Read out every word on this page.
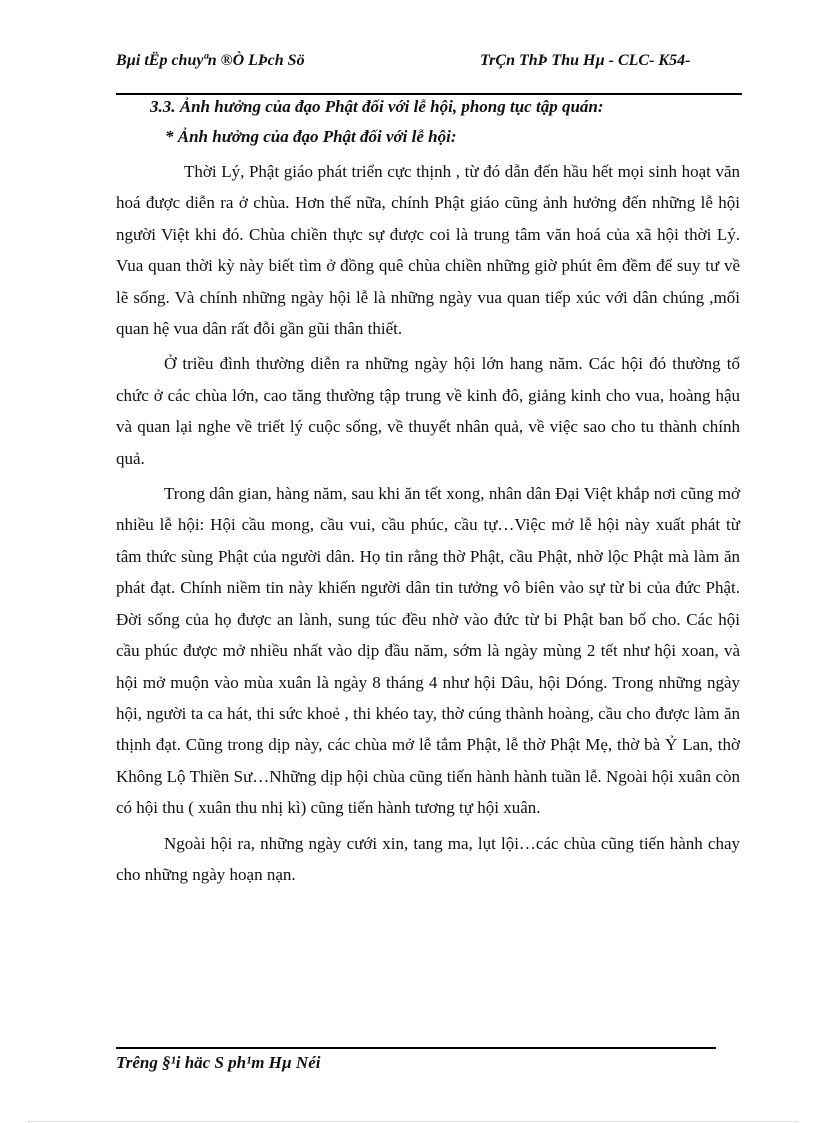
Bµi tËp chuyªn ®Ò LÞch Sö	TrÇn ThÞ Thu Hµ - CLC- K54-
3.3. Ảnh hưởng của đạo Phật đối với lễ hội, phong tục tập quán:
* Ảnh hưởng của đạo Phật đối với lễ hội:

Thời Lý, Phật giáo phát triển cực thịnh , từ đó dẫn đến hầu hết mọi sinh hoạt văn hoá được diễn ra ở chùa. Hơn thế nữa, chính Phật giáo cũng ảnh hưởng đến những lễ hội người Việt khi đó. Chùa chiền thực sự được coi là trung tâm văn hoá của xã hội thời Lý. Vua quan thời kỳ này biết tìm ở đồng quê chùa chiền những giờ phút êm đềm để suy tư về lẽ sống. Và chính những ngày hội lễ là những ngày vua quan tiếp xúc với dân chúng ,mối quan hệ vua dân rất đỗi gần gũi thân thiết.

Ở triều đình thường diễn ra những ngày hội lớn hang năm. Các hội đó thường tổ chức ở các chùa lớn, cao tăng thường tập trung về kinh đô, giảng kinh cho vua, hoàng hậu và quan lại nghe về triết lý cuộc sống, về thuyết nhân quả, về việc sao cho tu thành chính quả.

Trong dân gian, hàng năm, sau khi ăn tết xong, nhân dân Đại Việt khắp nơi cũng mở nhiều lễ hội: Hội cầu mong, cầu vui, cầu phúc, cầu tự…Việc mở lễ hội này xuất phát từ tâm thức sùng Phật của người dân. Họ tin rằng thờ Phật, cầu Phật, nhờ lộc Phật mà làm ăn phát đạt. Chính niềm tin này khiến người dân tin tưởng vô biên vào sự từ bi của đức Phật. Đời sống của họ được an lành, sung túc đều nhờ vào đức từ bi Phật ban bố cho. Các hội cầu phúc được mở nhiều nhất vào dịp đầu năm, sớm là ngày mùng 2 tết như hội xoan, và hội mở muộn vào mùa xuân là ngày 8 tháng 4 như hội Dâu, hội Dóng. Trong những ngày hội, người ta ca hát, thi sức khoẻ , thi khéo tay, thờ cúng thành hoàng, cầu cho được làm ăn thịnh đạt. Cũng trong dịp này, các chùa mở lễ tắm Phật, lễ thờ Phật Mẹ, thờ bà Ỷ Lan, thờ Không Lộ Thiền Sư…Những dịp hội chùa cũng tiến hành hành tuần lễ. Ngoài hội xuân còn có hội thu ( xuân thu nhị kì) cũng tiến hành tương tự hội xuân.

Ngoài hội ra, những ngày cưới xin, tang ma, lụt lội…các chùa cũng tiến hành chay cho những ngày hoạn nạn.

Trêng §¹i häc S ph¹m Hµ Néi
